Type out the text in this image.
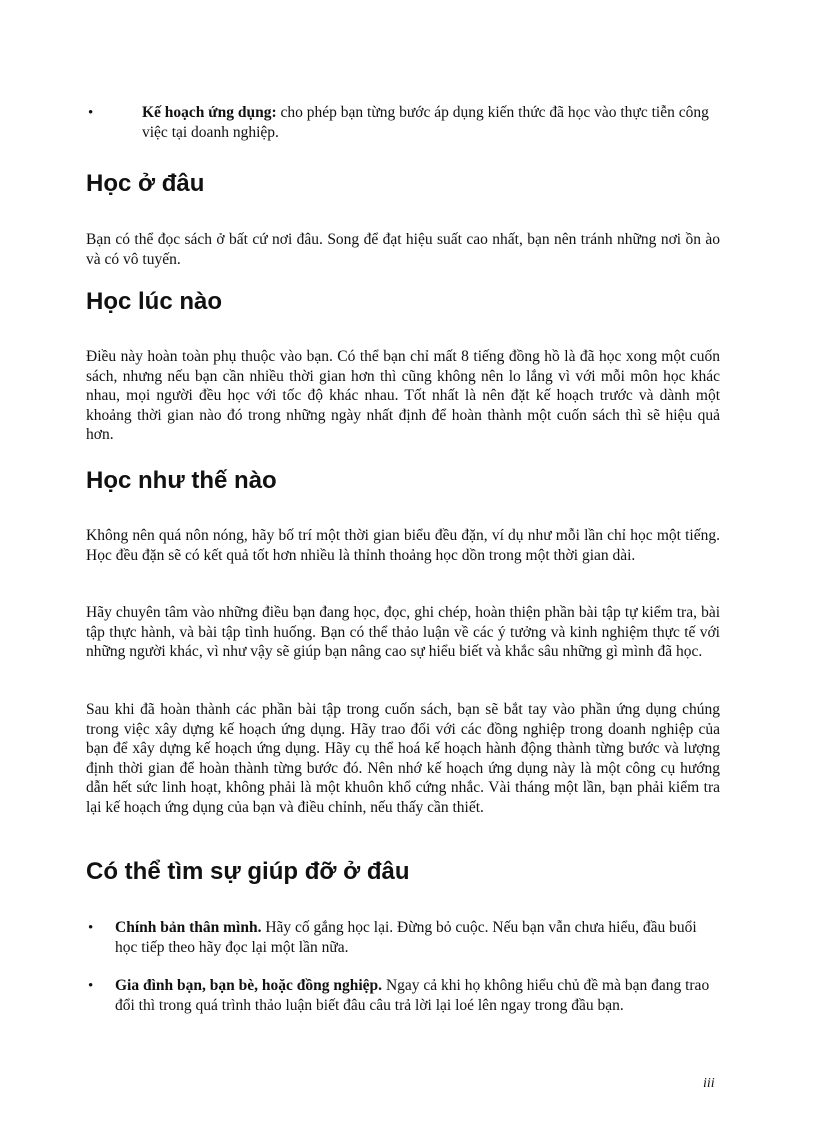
•	Kế hoạch ứng dụng: cho phép bạn từng bước áp dụng kiến thức đã học vào thực tiễn công việc tại doanh nghiệp.
Học ở đâu

Bạn có thể đọc sách ở bất cứ nơi đâu. Song để đạt hiệu suất cao nhất, bạn nên tránh những nơi ồn ào và có vô tuyến.

Học lúc nào

Điều này hoàn toàn phụ thuộc vào bạn. Có thể bạn chỉ mất 8 tiếng đồng hồ là đã học xong một cuốn sách, nhưng nếu bạn cần nhiều thời gian hơn thì cũng không nên lo lắng vì với mỗi môn học khác nhau, mọi người đều học với tốc độ khác nhau. Tốt nhất là nên đặt kế hoạch trước và dành một khoảng thời gian nào đó trong những ngày nhất định để hoàn thành một cuốn sách thì sẽ hiệu quả hơn.

Học như thế nào

Không nên quá nôn nóng, hãy bố trí một thời gian biểu đều đặn, ví dụ như mỗi lần chỉ học một tiếng. Học đều đặn sẽ có kết quả tốt hơn nhiều là thỉnh thoảng học dồn trong một thời gian dài.

Hãy chuyên tâm vào những điều bạn đang học, đọc, ghi chép, hoàn thiện phần bài tập tự kiểm tra, bài tập thực hành, và bài tập tình huống. Bạn có thể thảo luận về các ý tưởng và kinh nghiệm thực tế với những người khác, vì như vậy sẽ giúp bạn nâng cao sự hiểu biết và khắc sâu những gì mình đã học.

Sau khi đã hoàn thành các phần bài tập trong cuốn sách, bạn sẽ bắt tay vào phần ứng dụng chúng trong việc xây dựng kế hoạch ứng dụng. Hãy trao đổi với các đồng nghiệp trong doanh nghiệp của bạn để xây dựng kế hoạch ứng dụng. Hãy cụ thể hoá kế hoạch hành động thành từng bước và lượng định thời gian để hoàn thành từng bước đó. Nên nhớ kế hoạch ứng dụng này là một công cụ hướng dẫn hết sức linh hoạt, không phải là một khuôn khổ cứng nhắc. Vài tháng một lần, bạn phải kiểm tra lại kế hoạch ứng dụng của bạn và điều chỉnh, nếu thấy cần thiết.

Có thể tìm sự giúp đỡ ở đâu
• Chính bản thân mình. Hãy cố gắng học lại. Đừng bỏ cuộc. Nếu bạn vẫn chưa hiểu, đầu buổi học tiếp theo hãy đọc lại một lần nữa.
• Gia đình bạn, bạn bè, hoặc đồng nghiệp. Ngay cả khi họ không hiểu chủ đề mà bạn đang trao đổi thì trong quá trình thảo luận biết đâu câu trả lời lại loé lên ngay trong đầu bạn.
iii
